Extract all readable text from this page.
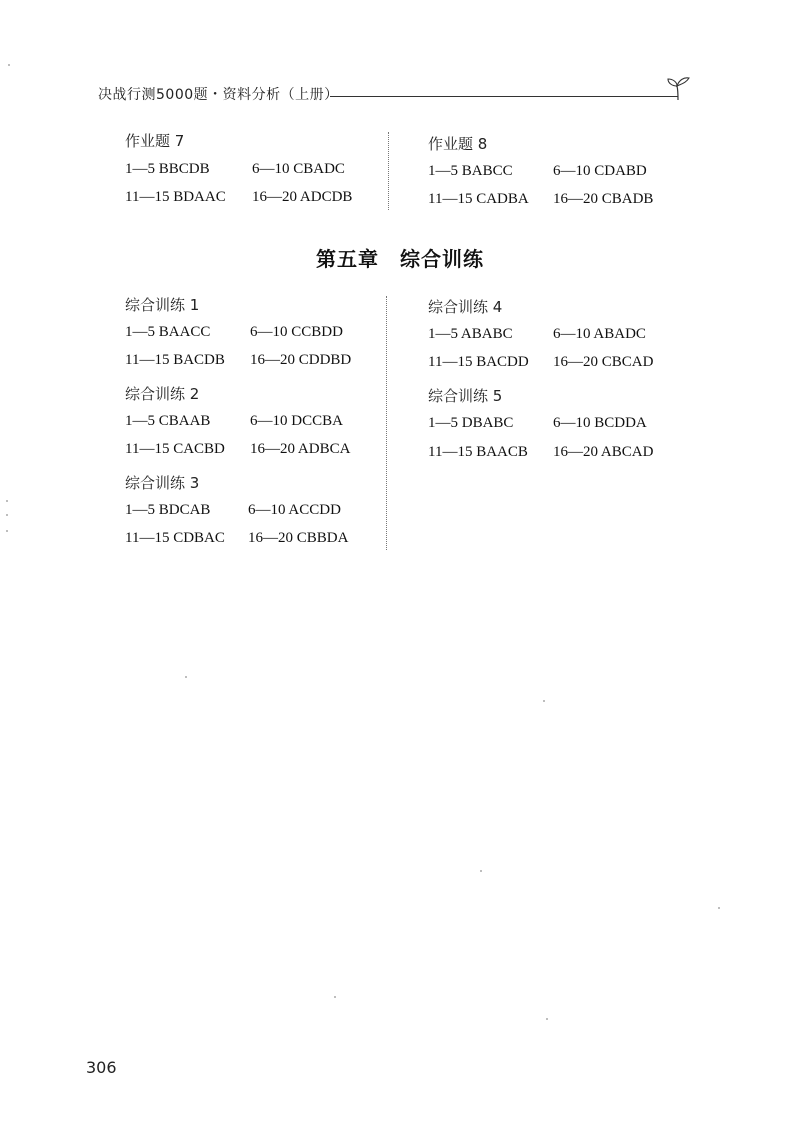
决战行测5000题・资料分析（上册）
作业题 7
1—5 BBCDB	6—10 CBADC
11—15 BDAAC 16—20 ADCDB
作业题 8
1—5 BABCC	6—10 CDABD
11—15 CADBA 16—20 CBADB
第五章　综合训练
综合训练 1
1—5 BAACC	6—10 CCBDD
11—15 BACDB 16—20 CDDBD
综合训练 2
1—5 CBAAB	6—10 DCCBA
11—15 CACBD 16—20 ADBCA
综合训练 3
1—5 BDCAB	6—10 ACCDD
11—15 CDBAC 16—20 CBBDA
综合训练 4
1—5 ABABC	6—10 ABADC
11—15 BACDD 16—20 CBCAD
综合训练 5
1—5 DBABC	6—10 BCDDA
11—15 BAACB 16—20 ABCAD
306
